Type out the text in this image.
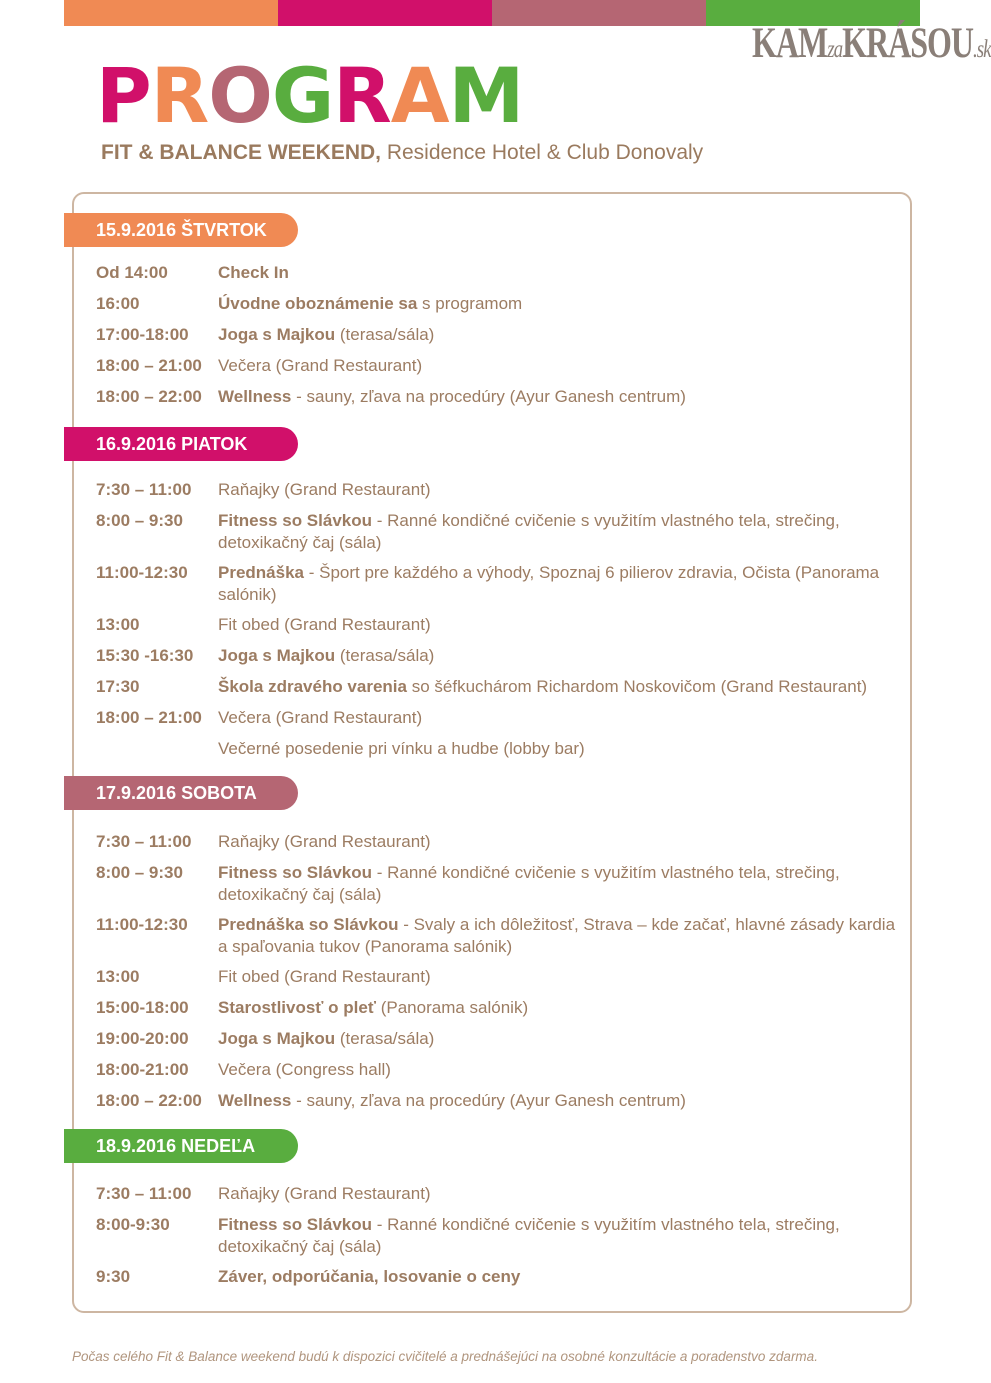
KAMzaKRÁSOU.sk
PROGRAM
FIT & BALANCE WEEKEND, Residence Hotel & Club Donovaly
15.9.2016 ŠTVRTOK
Od 14:00	Check In
16:00	Úvodne oboznámenie sa s programom
17:00-18:00	Joga s Majkou (terasa/sála)
18:00 – 21:00 Večera (Grand Restaurant)
18:00 – 22:00 Wellness - sauny, zľava na procedúry (Ayur Ganesh centrum)
16.9.2016 PIATOK
7:30 – 11:00	Raňajky (Grand Restaurant)
8:00 – 9:30	Fitness so Slávkou - Ranné kondičné cvičenie s využitím vlastného tela, strečing, detoxikačný čaj (sála)
11:00-12:30	Prednáška - Šport pre každého a výhody, Spoznaj 6 pilierov zdravia, Očista (Panorama salónik)
13:00	Fit obed (Grand Restaurant)
15:30 -16:30	Joga s Majkou (terasa/sála)
17:30	Škola zdravého varenia so šéfkuchárom Richardom Noskovičom (Grand Restaurant)
18:00 – 21:00 Večera (Grand Restaurant)
Večerné posedenie pri vínku a hudbe (lobby bar)
17.9.2016 SOBOTA
7:30 – 11:00	Raňajky (Grand Restaurant)
8:00 – 9:30	Fitness so Slávkou - Ranné kondičné cvičenie s využitím vlastného tela, strečing, detoxikačný čaj (sála)
11:00-12:30	Prednáška so Slávkou - Svaly a ich dôležitosť, Strava – kde začať, hlavné zásady kardia a spaľovania tukov (Panorama salónik)
13:00	Fit obed (Grand Restaurant)
15:00-18:00	Starostlivosť o pleť (Panorama salónik)
19:00-20:00	Joga s Majkou (terasa/sála)
18:00-21:00	Večera (Congress hall)
18:00 – 22:00 Wellness - sauny, zľava na procedúry (Ayur Ganesh centrum)
18.9.2016 NEDEĽA
7:30 – 11:00	Raňajky (Grand Restaurant)
8:00-9:30	Fitness so Slávkou - Ranné kondičné cvičenie s využitím vlastného tela, strečing, detoxikačný čaj (sála)
9:30	Záver, odporúčania, losovanie o ceny
Počas celého Fit & Balance weekend budú k dispozici cvičitelé a prednášejúci na osobné konzultácie a poradenstvo zdarma.
